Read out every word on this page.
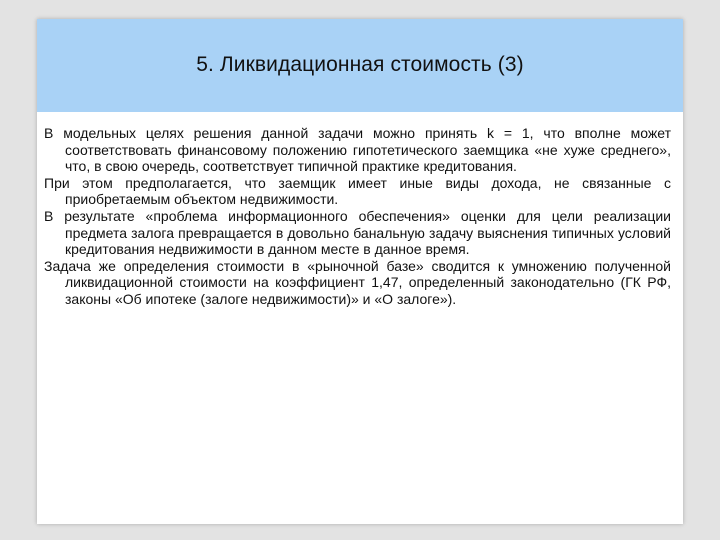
5. Ликвидационная стоимость (3)

В модельных целях решения данной задачи можно принять k = 1, что вполне может соответствовать финансовому положению гипотетического заемщика «не хуже среднего», что, в свою очередь, соответствует типичной практике кредитования.

При этом предполагается, что заемщик имеет иные виды дохода, не связанные с приобретаемым объектом недвижимости.

В результате «проблема информационного обеспечения» оценки для цели реализации предмета залога превращается в довольно банальную задачу выяснения типичных условий кредитования недвижимости в данном месте в данное время.

Задача же определения стоимости в «рыночной базе» сводится к умножению полученной ликвидационной стоимости на коэффициент 1,47, определенный законодательно (ГК РФ, законы «Об ипотеке (залоге недвижимости)» и «О залоге»).
